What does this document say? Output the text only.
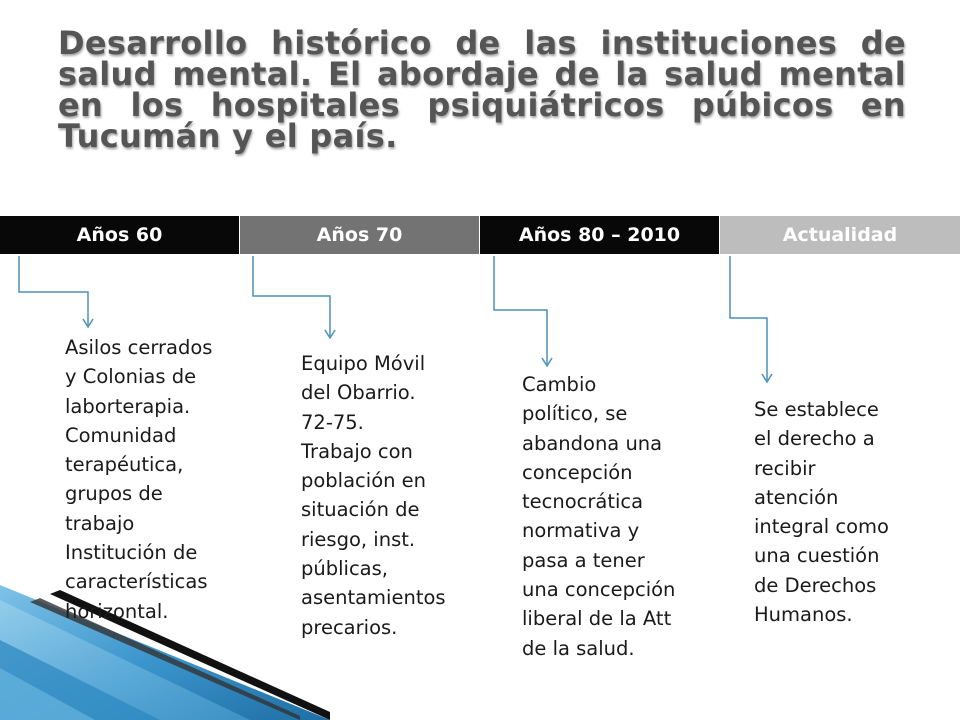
Desarrollo histórico de las instituciones de salud mental. El abordaje de la salud mental en los hospitales psiquiátricos púbicos en Tucumán y el país.
Años 60	Años 70	Años 80 – 2010	Actualidad

Asilos cerrados
y Colonias de
laborterapia.
Comunidad
terapéutica,
grupos de
trabajo
Institución de
características
horizontal.

Equipo Móvil
del Obarrio.
72-75.
Trabajo con
población en
situación de
riesgo, inst.
públicas,
asentamientos
precarios.

Cambio
político, se
abandona una
concepción
tecnocrática
normativa y
pasa a tener
una concepción
liberal de la Att
de la salud.

Se establece
el derecho a
recibir
atención
integral como
una cuestión
de Derechos
Humanos.
